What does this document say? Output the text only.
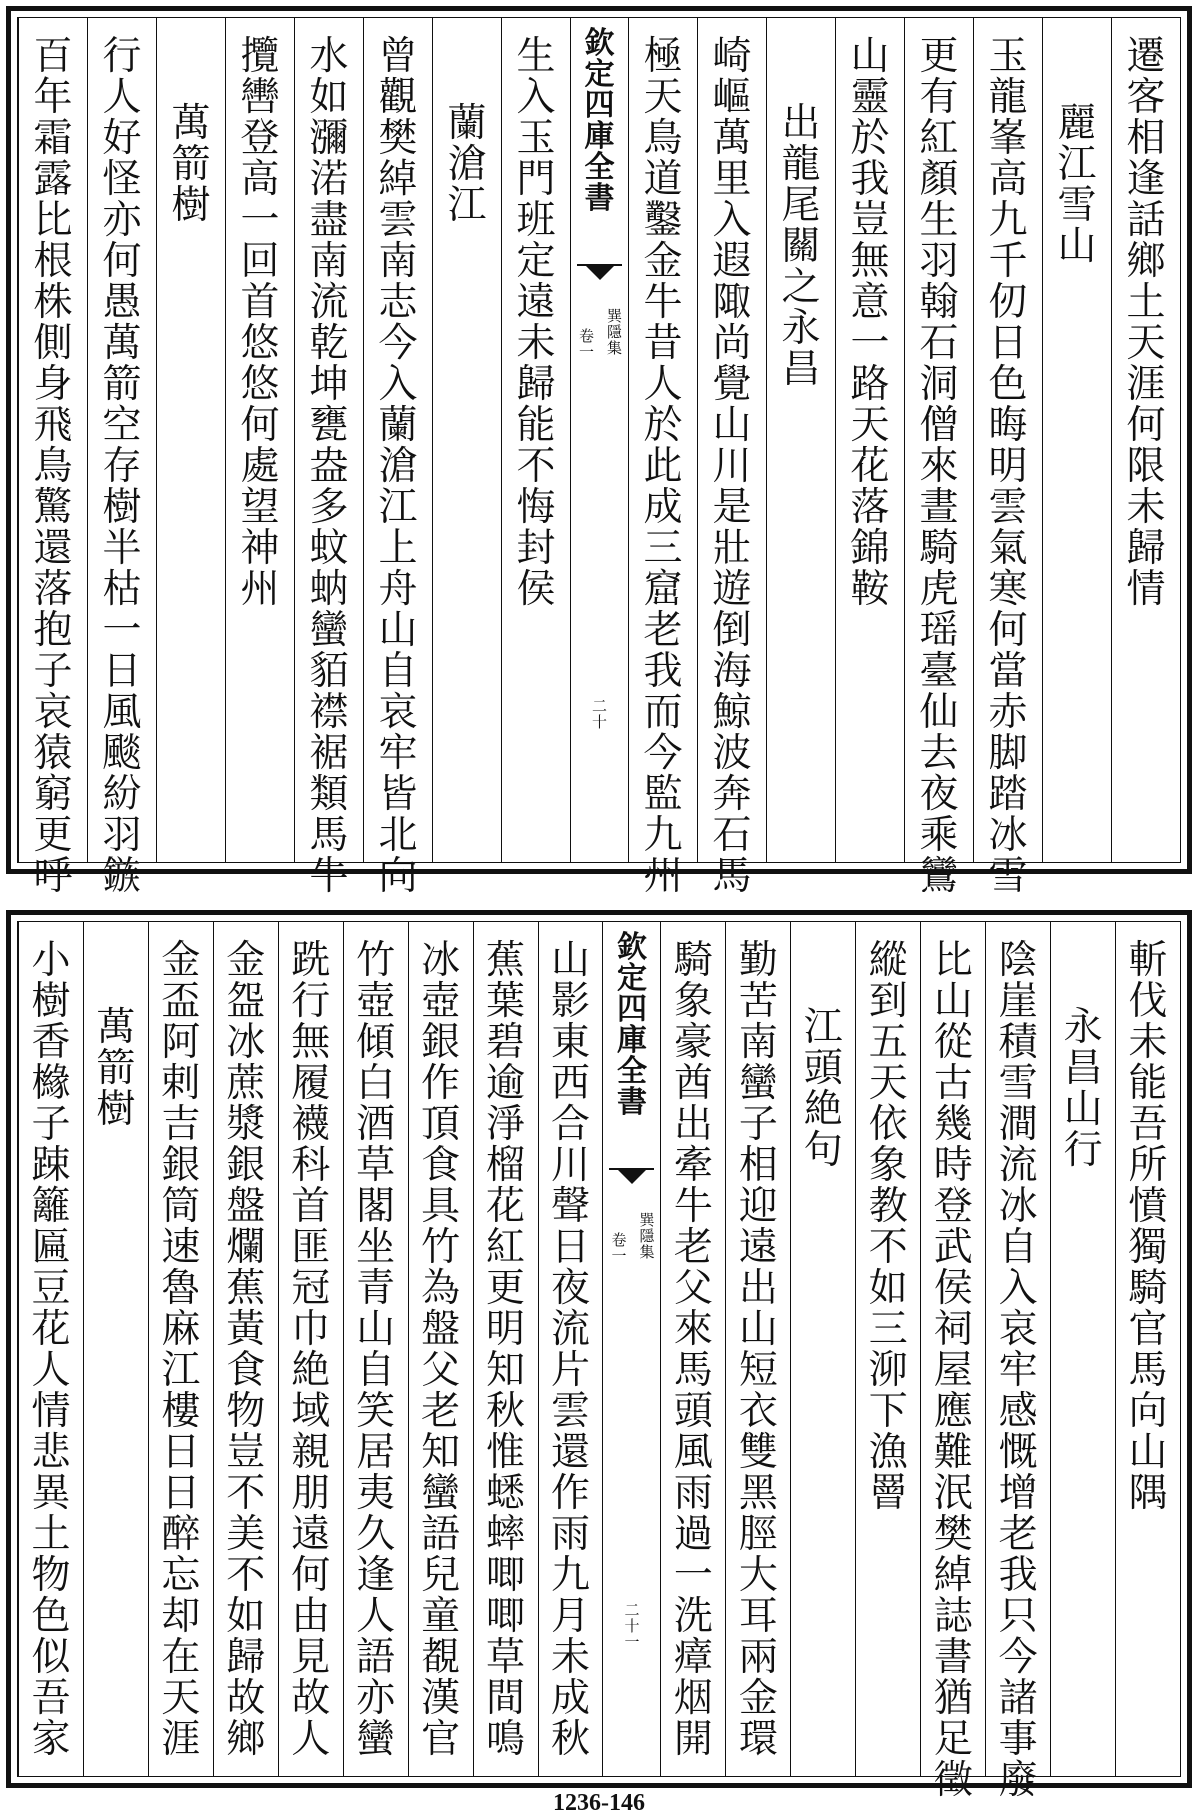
遷
客
相
逢
話
鄉
土
天
涯
何
限
未
歸
情
麗
江
雪
山
玉
龍
峯
高
九
千
仞
日
色
晦
明
雲
氣
寒
何
當
赤
脚
踏
冰
雪
更
有
紅
顏
生
羽
翰
石
洞
僧
來
晝
騎
虎
瑶
臺
仙
去
夜
乘
鸞
山
靈
於
我
豈
無
意
一
路
天
花
落
錦
鞍
出
龍
尾
關
之
永
昌
崎
嶇
萬
里
入
遐
陬
尚
覺
山
川
是
壯
遊
倒
海
鯨
波
奔
石
馬
極
天
鳥
道
鑿
金
牛
昔
人
於
此
成
三
窟
老
我
而
今
監
九
州
欽
定
四
庫
全
書
巽
隱
集
卷
一
二
十
生
入
玉
門
班
定
遠
未
歸
能
不
悔
封
侯
蘭
滄
江
曾
觀
樊
綽
雲
南
志
今
入
蘭
滄
江
上
舟
山
自
哀
牢
皆
北
向
水
如
瀰
渃
盡
南
流
乾
坤
甕
盎
多
蚊
蚋
蠻
貊
襟
裾
類
馬
牛
攬
轡
登
高
一
回
首
悠
悠
何
處
望
神
州
萬
箭
樹
行
人
好
怪
亦
何
愚
萬
箭
空
存
樹
半
枯
一
日
風
颷
紛
羽
鏃
百
年
霜
露
比
根
株
側
身
飛
鳥
驚
還
落
抱
子
哀
猿
窮
更
呼
斬
伐
未
能
吾
所
憤
獨
騎
官
馬
向
山
隅
永
昌
山
行
陰
崖
積
雪
澗
流
冰
自
入
哀
牢
感
慨
增
老
我
只
今
諸
事
廢
比
山
從
古
幾
時
登
武
侯
祠
屋
應
難
泯
樊
綽
誌
書
猶
足
徵
縱
到
五
天
依
象
教
不
如
三
泖
下
漁
罾
江
頭
絶
句
勤
苦
南
蠻
子
相
迎
遠
出
山
短
衣
雙
黑
脛
大
耳
兩
金
環
騎
象
豪
酋
出
牽
牛
老
父
來
馬
頭
風
雨
過
一
洗
瘴
烟
開
欽
定
四
庫
全
書
巽
隱
集
卷
一
二
十
一
山
影
東
西
合
川
聲
日
夜
流
片
雲
還
作
雨
九
月
未
成
秋
蕉
葉
碧
逾
淨
榴
花
紅
更
明
知
秋
惟
蟋
蟀
唧
唧
草
間
鳴
冰
壺
銀
作
頂
食
具
竹
為
盤
父
老
知
蠻
語
兒
童
覩
漢
官
竹
壺
傾
白
酒
草
閣
坐
青
山
自
笑
居
夷
久
逢
人
語
亦
蠻
跣
行
無
履
襪
科
首
匪
冠
巾
絶
域
親
朋
遠
何
由
見
故
人
金
盌
冰
蔗
漿
銀
盤
爛
蕉
黃
食
物
豈
不
美
不
如
歸
故
鄉
金
盃
阿
剌
吉
銀
筒
速
魯
麻
江
樓
日
日
醉
忘
却
在
天
涯
萬
箭
樹
小
樹
香
櫞
子
踈
籬
匾
豆
花
人
情
悲
異
土
物
色
似
吾
家
1236-146
